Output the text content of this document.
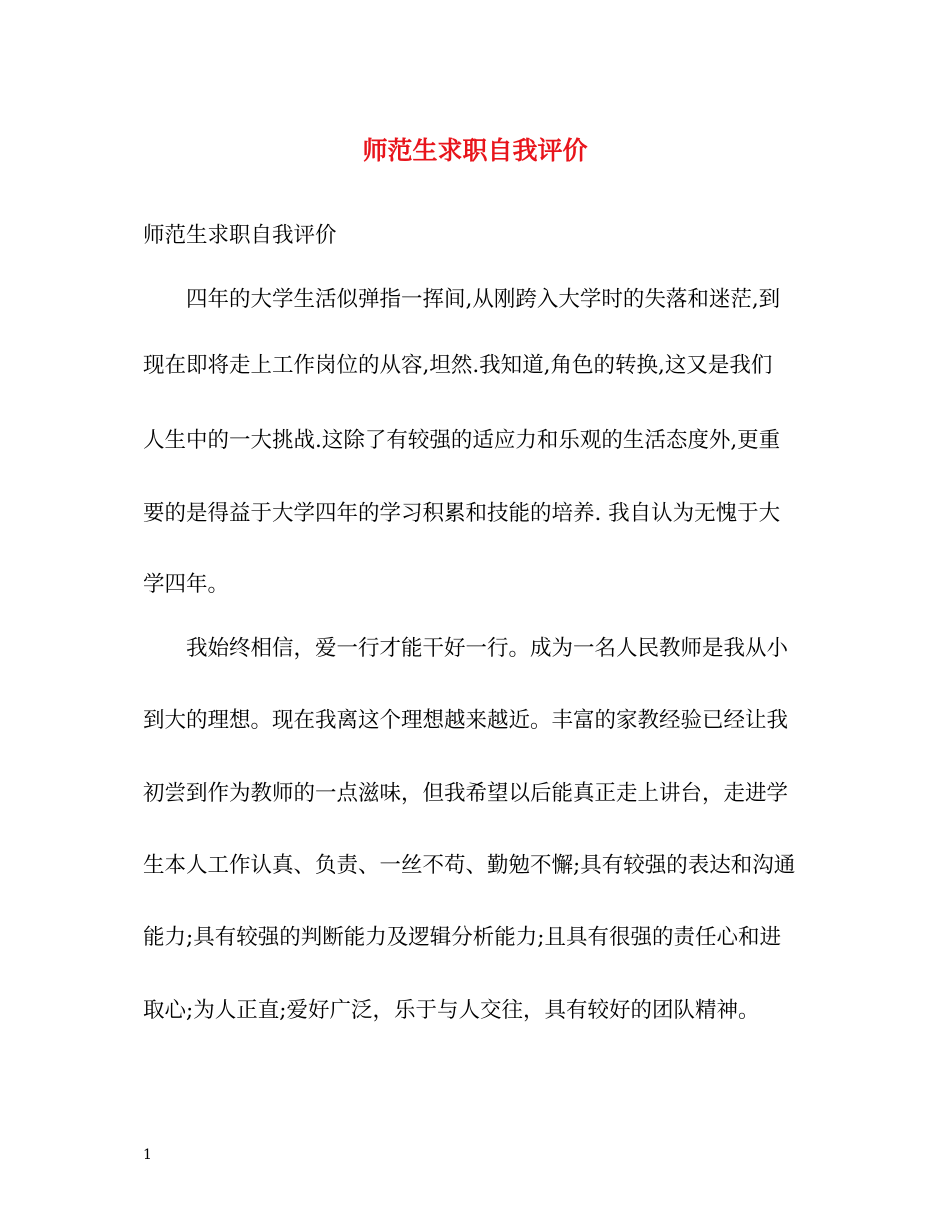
师范生求职自我评价

师范生求职自我评价

四年的大学生活似弹指一挥间,从刚跨入大学时的失落和迷茫,到

现在即将走上工作岗位的从容,坦然.我知道,角色的转换,这又是我们

人生中的一大挑战.这除了有较强的适应力和乐观的生活态度外,更重

要的是得益于大学四年的学习积累和技能的培养. 我自认为无愧于大

学四年。

我始终相信，爱一行才能干好一行。成为一名人民教师是我从小

到大的理想。现在我离这个理想越来越近。丰富的家教经验已经让我

初尝到作为教师的一点滋味，但我希望以后能真正走上讲台，走进学

生本人工作认真、负责、一丝不苟、勤勉不懈;具有较强的表达和沟通

能力;具有较强的判断能力及逻辑分析能力;且具有很强的责任心和进

取心;为人正直;爱好广泛，乐于与人交往，具有较好的团队精神。

1
